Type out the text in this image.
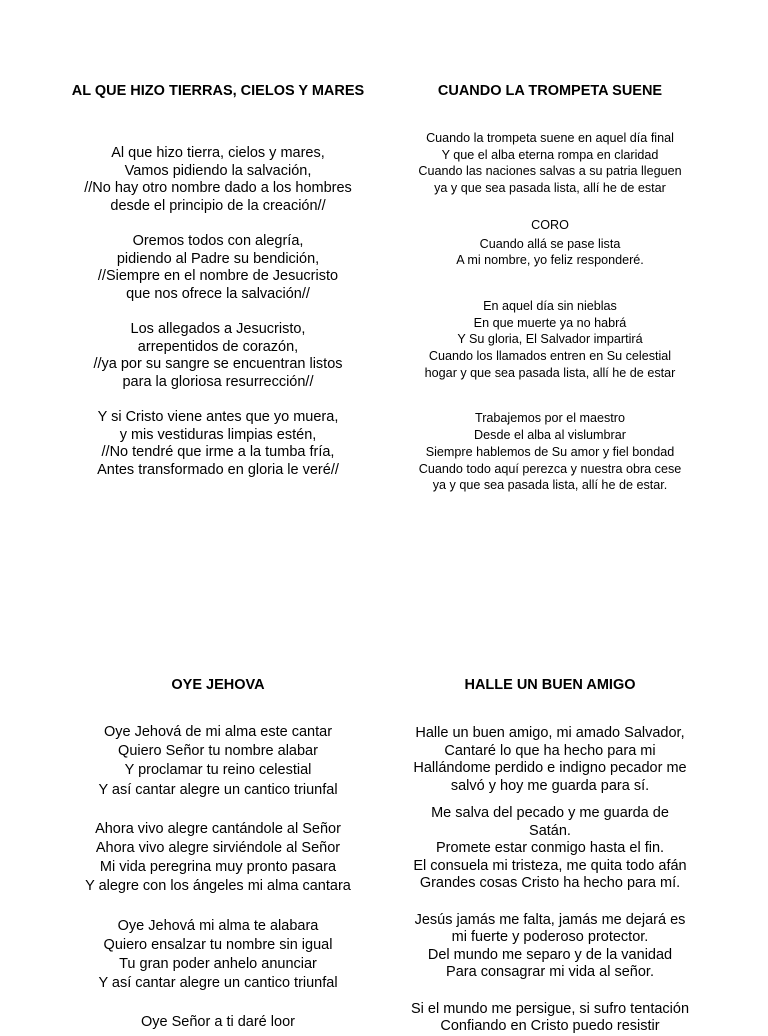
AL QUE HIZO TIERRAS, CIELOS Y MARES

Al que hizo tierra, cielos y mares,
Vamos pidiendo la salvación,
//No hay otro nombre dado a los hombres
desde el principio de la creación//

Oremos todos con alegría,
pidiendo al Padre su bendición,
//Siempre en el nombre de Jesucristo
que nos ofrece la salvación//

Los allegados a Jesucristo,
arrepentidos de corazón,
//ya por su sangre se encuentran listos
para la gloriosa resurrección//

Y si Cristo viene antes que yo muera,
y mis vestiduras limpias estén,
//No tendré que irme a la tumba fría,
Antes transformado en gloria le veré//

CUANDO LA TROMPETA SUENE

Cuando la trompeta suene en aquel día final
Y que el alba eterna rompa en claridad
Cuando las naciones salvas a su patria lleguen
ya y que sea pasada lista, allí he de estar

CORO

Cuando allá se pase lista
A mi nombre, yo feliz responderé.

En aquel día sin nieblas
En que muerte ya no habrá
Y Su gloria, El Salvador impartirá
Cuando los llamados entren en Su celestial
hogar y que sea pasada lista, allí he de estar

Trabajemos por el maestro
Desde el alba al vislumbrar
Siempre hablemos de Su amor y fiel bondad
Cuando todo aquí perezca y nuestra obra cese
ya y que sea pasada lista, allí he de estar.

OYE JEHOVA

Oye Jehová de mi alma este cantar
Quiero Señor tu nombre alabar
Y proclamar tu reino celestial
Y así cantar alegre un cantico triunfal

Ahora vivo alegre cantándole al Señor
Ahora vivo alegre sirviéndole al Señor
Mi vida peregrina muy pronto pasara
Y alegre con los ángeles mi alma cantara

Oye Jehová mi alma te alabara
Quiero ensalzar tu nombre sin igual
Tu gran poder anhelo anunciar
Y así cantar alegre un cantico triunfal

Oye Señor a ti daré loor

HALLE UN BUEN AMIGO

Halle un buen amigo, mi amado Salvador,
Cantaré lo que ha hecho para mi
Hallándome perdido e indigno pecador me
salvó y hoy me guarda para sí.

Me salva del pecado y me guarda de
Satán.
Promete estar conmigo hasta el fin.
El consuela mi tristeza, me quita todo afán
Grandes cosas Cristo ha hecho para mí.

Jesús jamás me falta, jamás me dejará es
mi fuerte y poderoso protector.
Del mundo me separo y de la vanidad
Para consagrar mi vida al señor.

Si el mundo me persigue, si sufro tentación
Confiando en Cristo puedo resistir
